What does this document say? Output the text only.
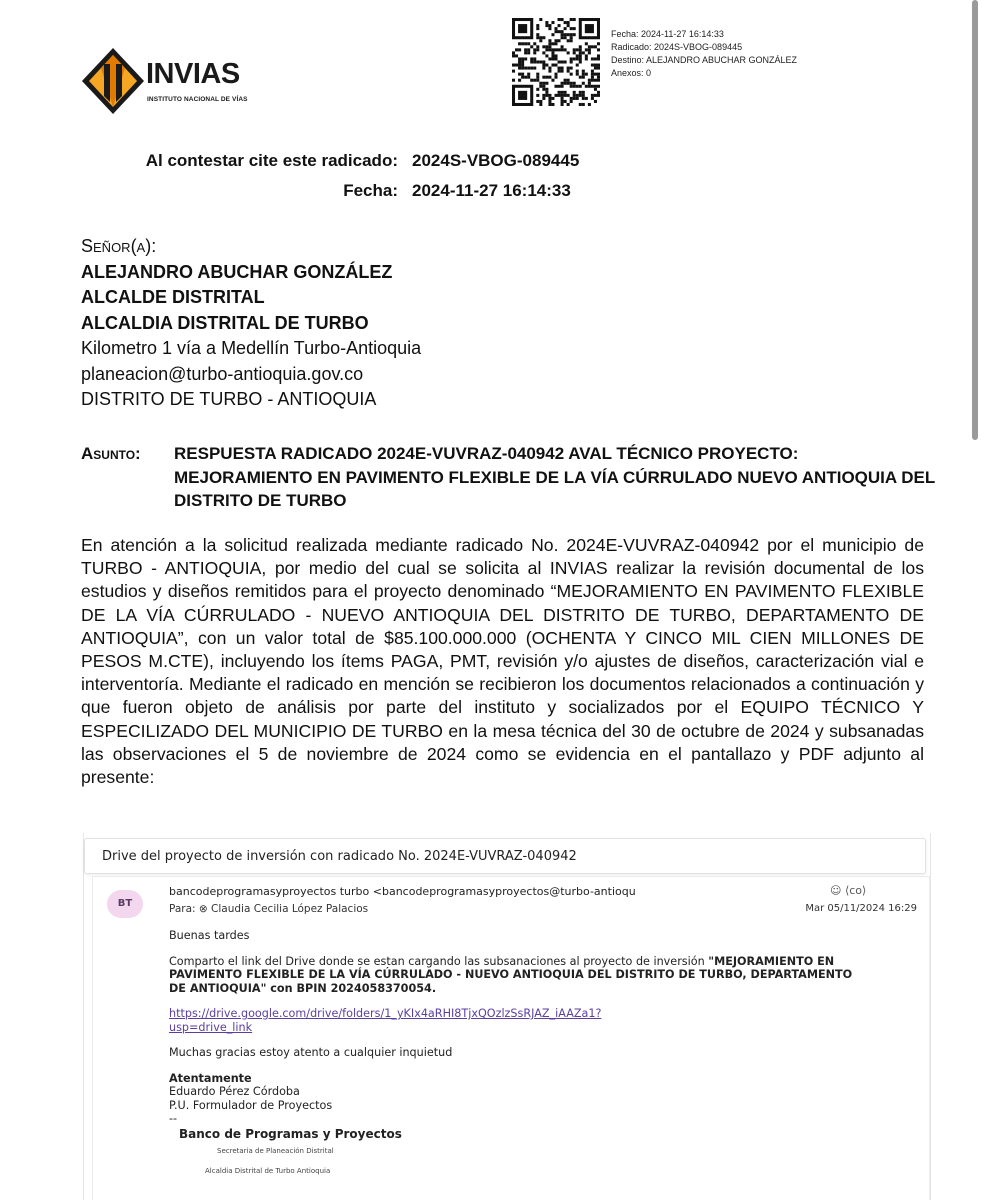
INVIAS
INSTITUTO NACIONAL DE VÍAS
Fecha: 2024-11-27 16:14:33
Radicado: 2024S-VBOG-089445
Destino: ALEJANDRO ABUCHAR GONZÁLEZ
Anexos: 0
Al contestar cite este radicado: 2024S-VBOG-089445
Fecha: 2024-11-27 16:14:33
Señor(a):
ALEJANDRO ABUCHAR GONZÁLEZ
ALCALDE DISTRITAL
ALCALDIA DISTRITAL DE TURBO
Kilometro 1 vía a Medellín Turbo-Antioquia
planeacion@turbo-antioquia.gov.co
DISTRITO DE TURBO - ANTIOQUIA
Asunto: RESPUESTA RADICADO 2024E-VUVRAZ-040942 AVAL TÉCNICO PROYECTO: MEJORAMIENTO EN PAVIMENTO FLEXIBLE DE LA VÍA CÚRRULADO NUEVO ANTIOQUIA DEL DISTRITO DE TURBO
En atención a la solicitud realizada mediante radicado No. 2024E-VUVRAZ-040942 por el municipio de TURBO - ANTIOQUIA, por medio del cual se solicita al INVIAS realizar la revisión documental de los estudios y diseños remitidos para el proyecto denominado “MEJORAMIENTO EN PAVIMENTO FLEXIBLE DE LA VÍA CÚRRULADO - NUEVO ANTIOQUIA DEL DISTRITO DE TURBO, DEPARTAMENTO DE ANTIOQUIA”, con un valor total de $85.100.000.000 (OCHENTA Y CINCO MIL CIEN MILLONES DE PESOS M.CTE), incluyendo los ítems PAGA, PMT, revisión y/o ajustes de diseños, caracterización vial e interventoría. Mediante el radicado en mención se recibieron los documentos relacionados a continuación y que fueron objeto de análisis por parte del instituto y socializados por el EQUIPO TÉCNICO Y ESPECILIZADO DEL MUNICIPIO DE TURBO en la mesa técnica del 30 de octubre de 2024 y subsanadas las observaciones el 5 de noviembre de 2024 como se evidencia en el pantallazo y PDF adjunto al presente:
Drive del proyecto de inversión con radicado No. 2024E-VUVRAZ-040942
BT
bancodeprogramasyproyectos turbo <bancodeprogramasyproyectos@turbo-antioqu	☺ ⟨co⟩
Para: ⊗ Claudia Cecilia López Palacios	Mar 05/11/2024 16:29

Buenas tardes

Comparto el link del Drive donde se estan cargando las subsanaciones al proyecto de inversión "MEJORAMIENTO EN PAVIMENTO FLEXIBLE DE LA VÍA CÚRRULADO - NUEVO ANTIOQUIA DEL DISTRITO DE TURBO, DEPARTAMENTO DE ANTIOQUIA" con BPIN 2024058370054.

https://drive.google.com/drive/folders/1_yKIx4aRHI8TjxQOzlzSsRJAZ_iAAZa1?
usp=drive_link

Muchas gracias estoy atento a cualquier inquietud

Atentamente
Eduardo Pérez Córdoba
P.U. Formulador de Proyectos
--
Banco de Programas y Proyectos
Secretaria de Planeación Distrital
Alcaldia Distrital de Turbo Antioquia
